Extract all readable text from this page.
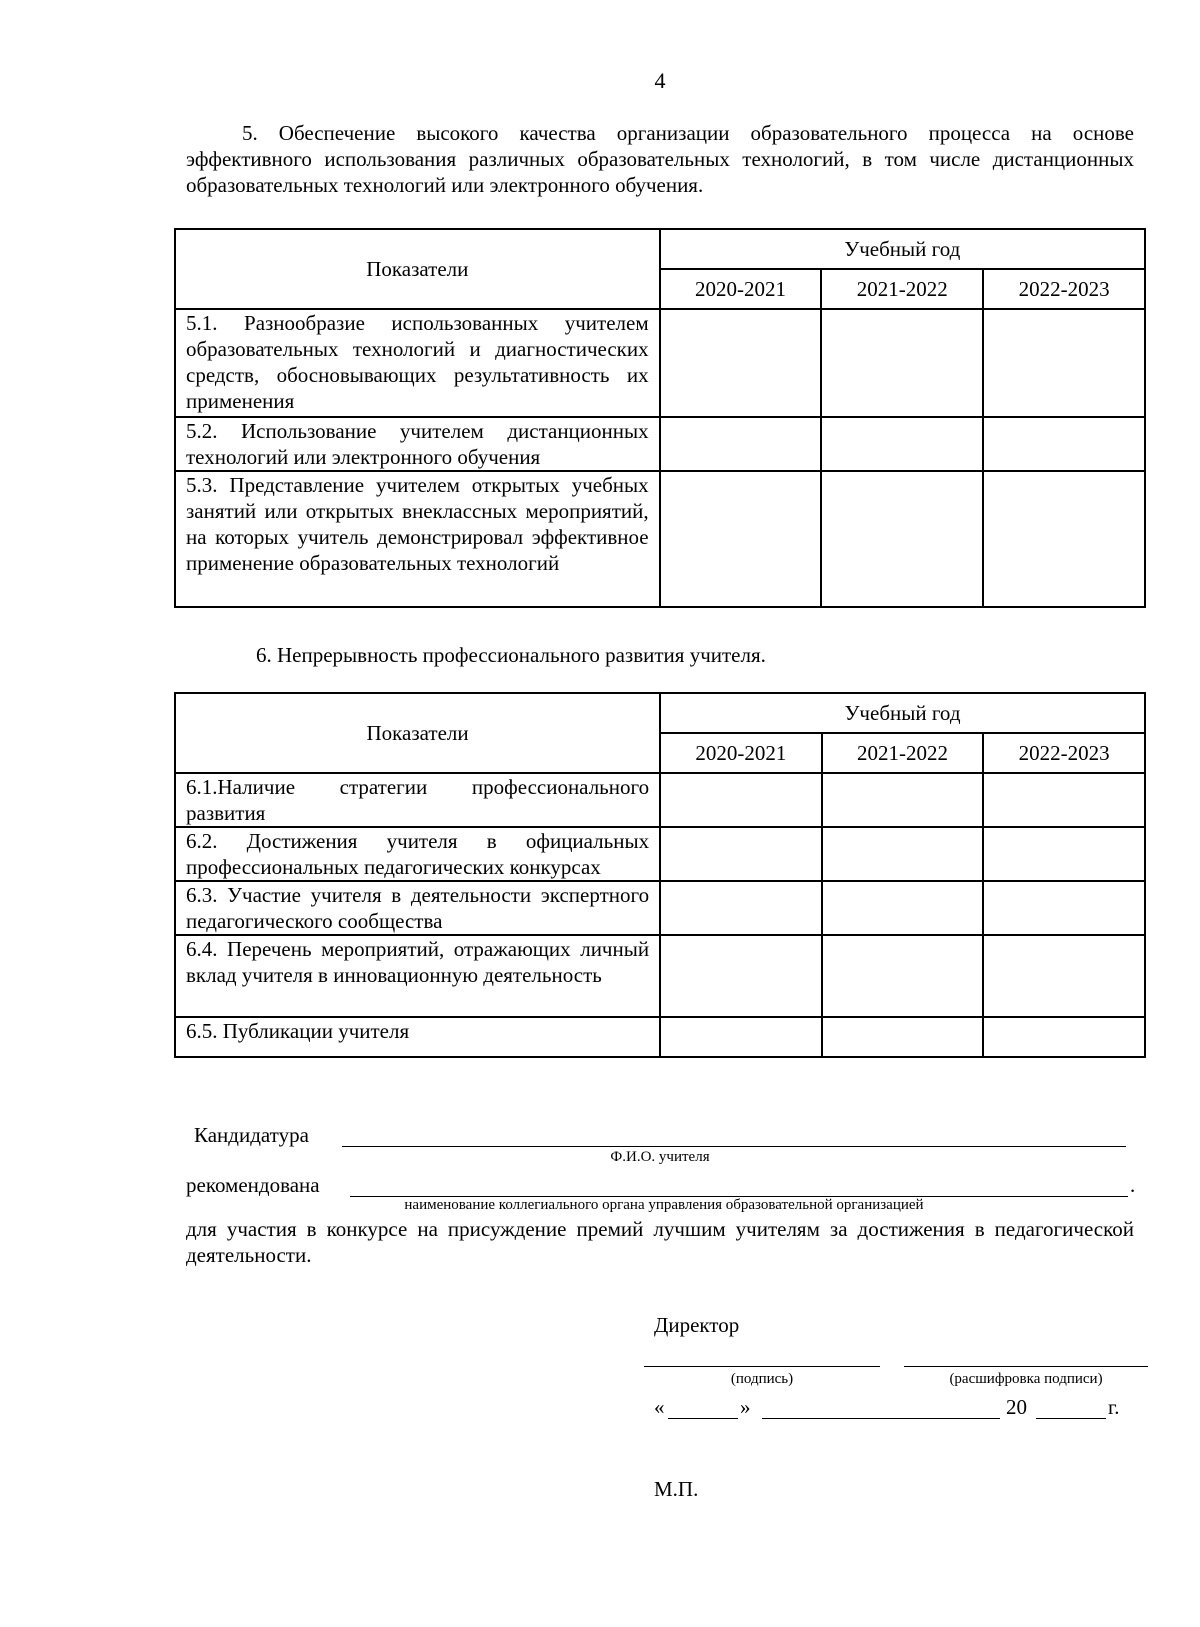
4
5. Обеспечение высокого качества организации образовательного процесса на основе эффективного использования различных образовательных технологий, в том числе дистанционных образовательных технологий или электронного обучения.
Показатели	Учебный год		
	2020-2021	2021-2022	2022-2023
5.1. Разнообразие использованных учителем образовательных технологий и диагностических средств, обосновывающих результативность их применения			
5.2. Использование учителем дистанционных технологий или электронного обучения			
5.3. Представление учителем открытых учебных занятий или открытых внеклассных мероприятий, на которых учитель демонстрировал эффективное применение образовательных технологий			
6. Непрерывность профессионального развития учителя.
Показатели	Учебный год		
	2020-2021	2021-2022	2022-2023
6.1.Наличие стратегии профессионального развития			
6.2. Достижения учителя в официальных профессиональных педагогических конкурсах			
6.3. Участие учителя в деятельности экспертного педагогического сообщества			
6.4. Перечень мероприятий, отражающих личный вклад учителя в инновационную деятельность			
6.5. Публикации учителя			
Кандидатура
Ф.И.О. учителя
рекомендована	.
наименование коллегиального органа управления образовательной организацией
для участия в конкурсе на присуждение премий лучшим учителям за достижения в педагогической деятельности.
Директор
(подпись)	(расшифровка подписи)
«	»	20	г.
М.П.
